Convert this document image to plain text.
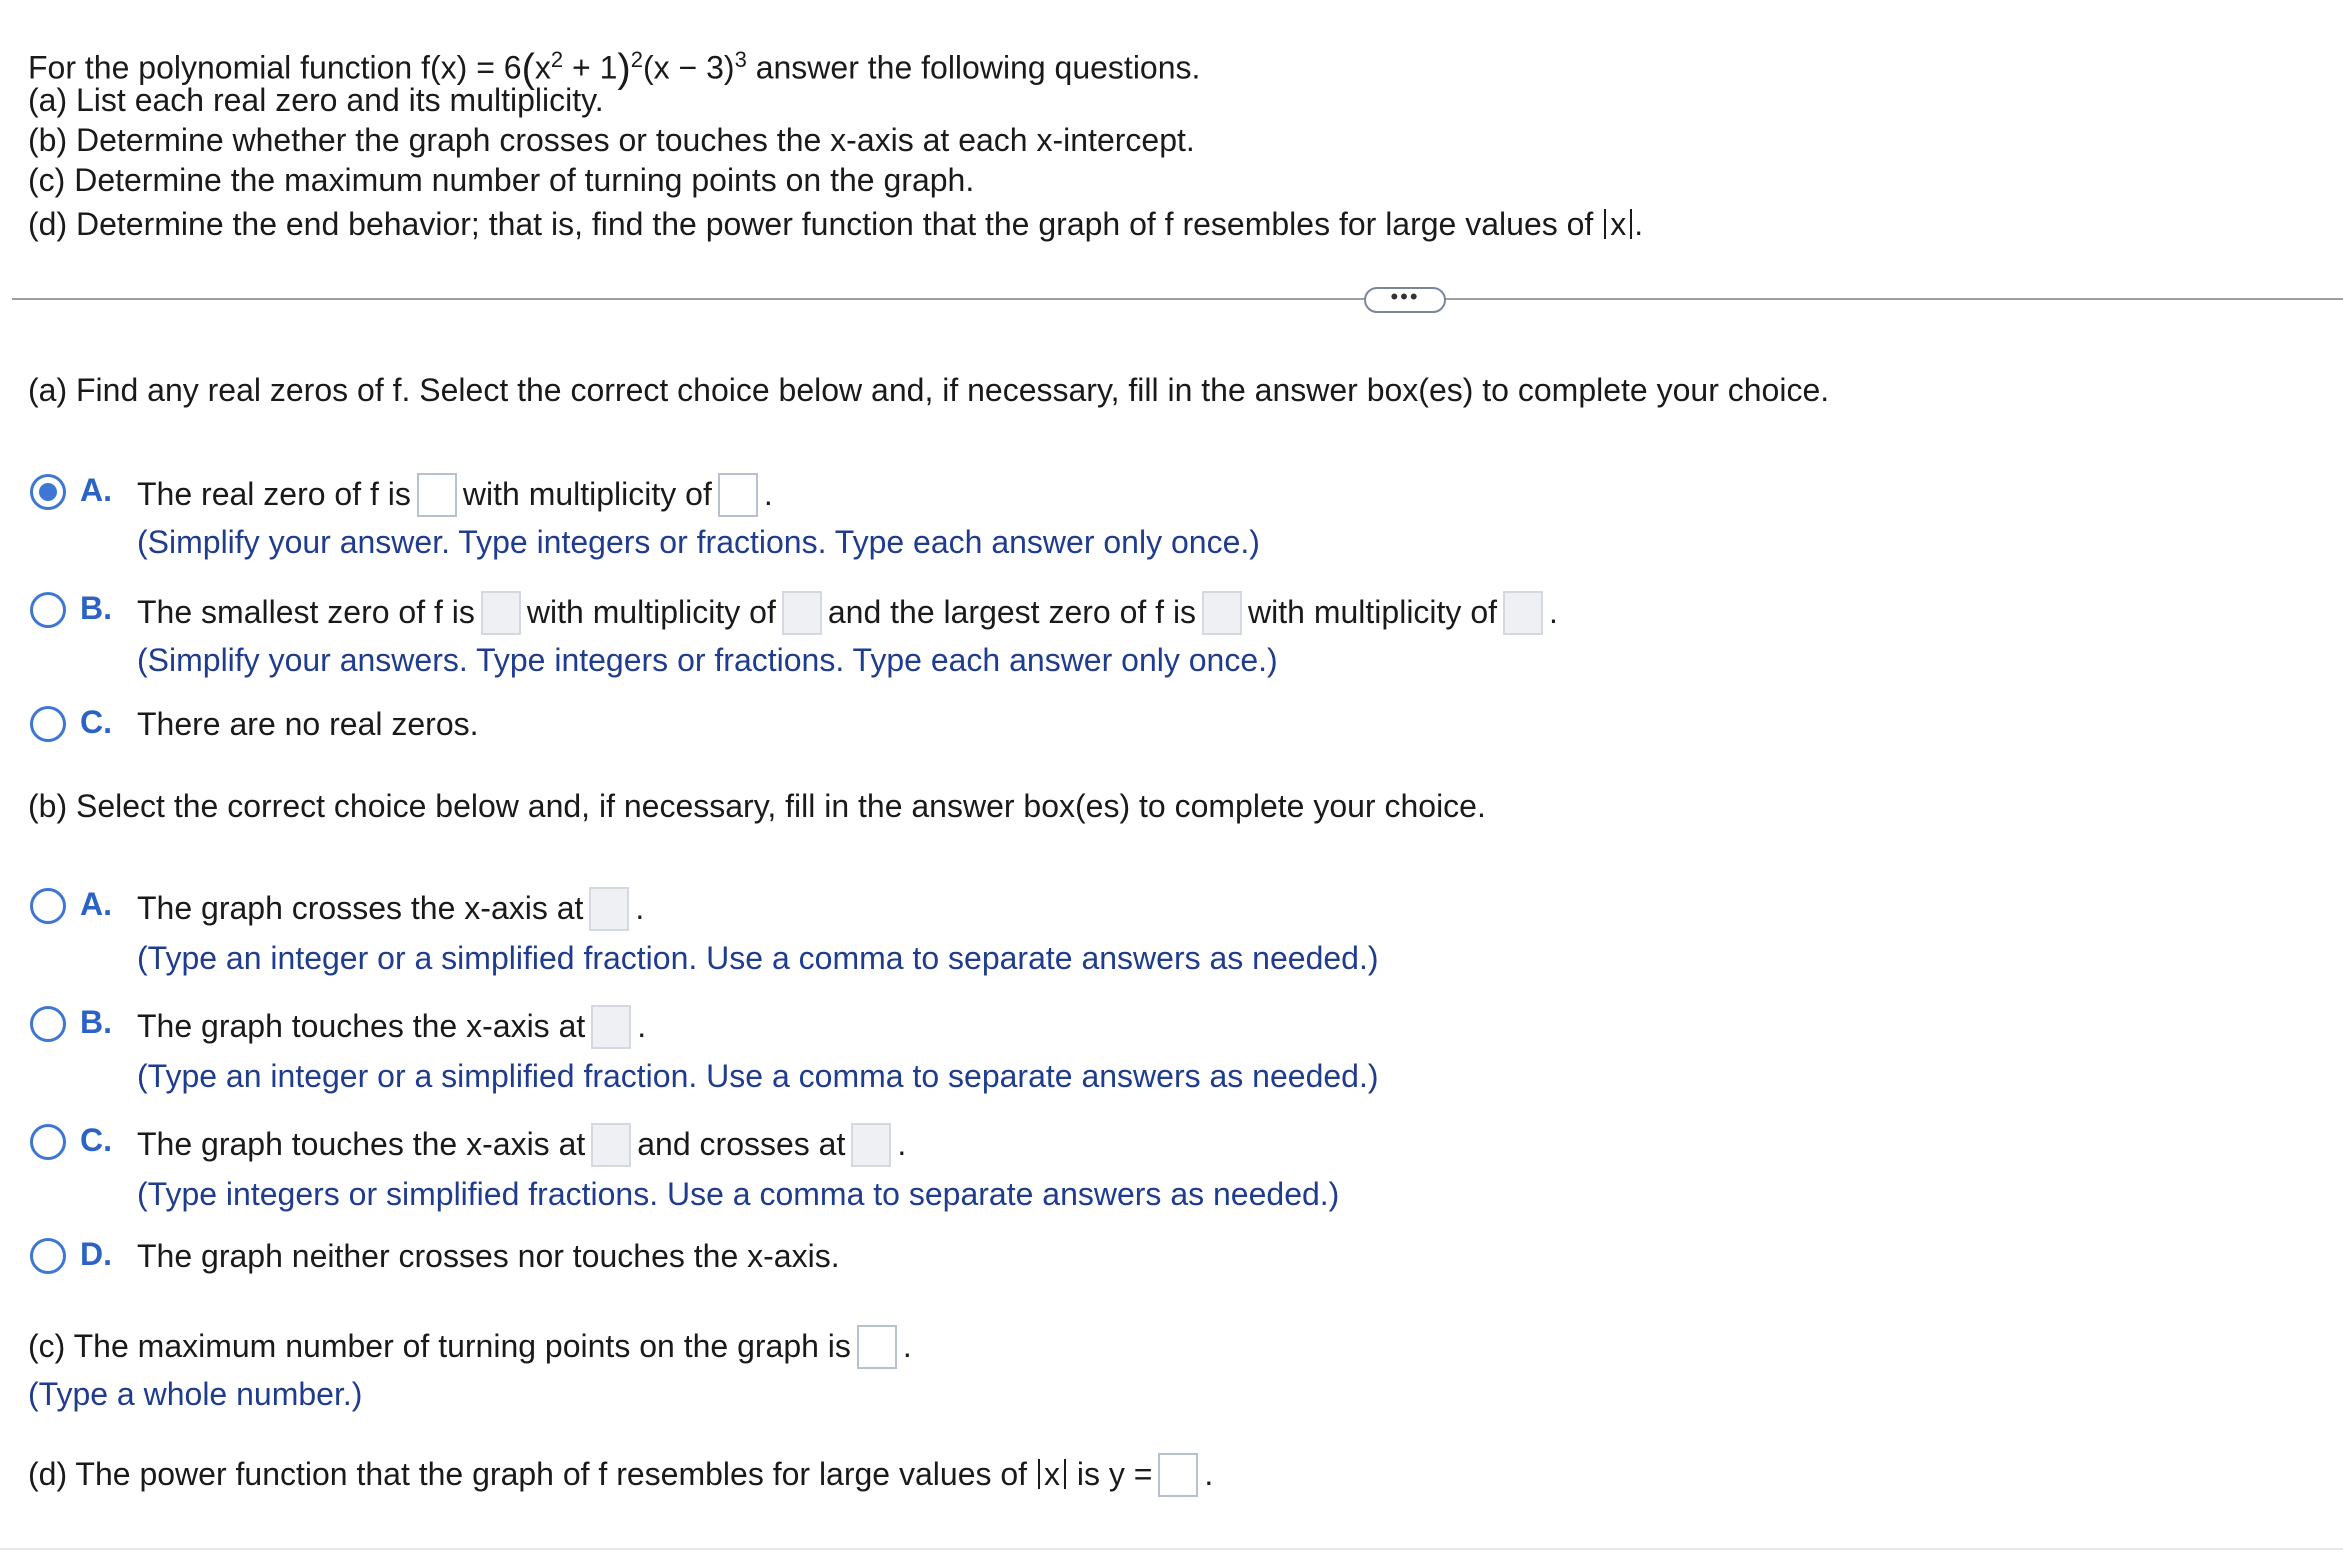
For the polynomial function $f(x) = 6(x^2 + 1)^2(x - 3)^3$ answer the following questions.
(a) List each real zero and its multiplicity.
(b) Determine whether the graph crosses or touches the x-axis at each x-intercept.
(c) Determine the maximum number of turning points on the graph.
(d) Determine the end behavior; that is, find the power function that the graph of f resembles for large values of x .
•••
(a) Find any real zeros of f. Select the correct choice below and, if necessary, fill in the answer box(es) to complete your choice.
A. The real zero of f is with multiplicity of .
(Simplify your answer. Type integers or fractions. Type each answer only once.)
B. The smallest zero of f is with multiplicity of and the largest zero of f is with multiplicity of .
(Simplify your answers. Type integers or fractions. Type each answer only once.)
C. There are no real zeros.
(b) Select the correct choice below and, if necessary, fill in the answer box(es) to complete your choice.
A. The graph crosses the x-axis at .
(Type an integer or a simplified fraction. Use a comma to separate answers as needed.)
B. The graph touches the x-axis at .
(Type an integer or a simplified fraction. Use a comma to separate answers as needed.)
C. The graph touches the x-axis at and crosses at .
(Type integers or simplified fractions. Use a comma to separate answers as needed.)
D. The graph neither crosses nor touches the x-axis.
(c) The maximum number of turning points on the graph is .
(Type a whole number.)
(d) The power function that the graph of f resembles for large values of x is y = .
